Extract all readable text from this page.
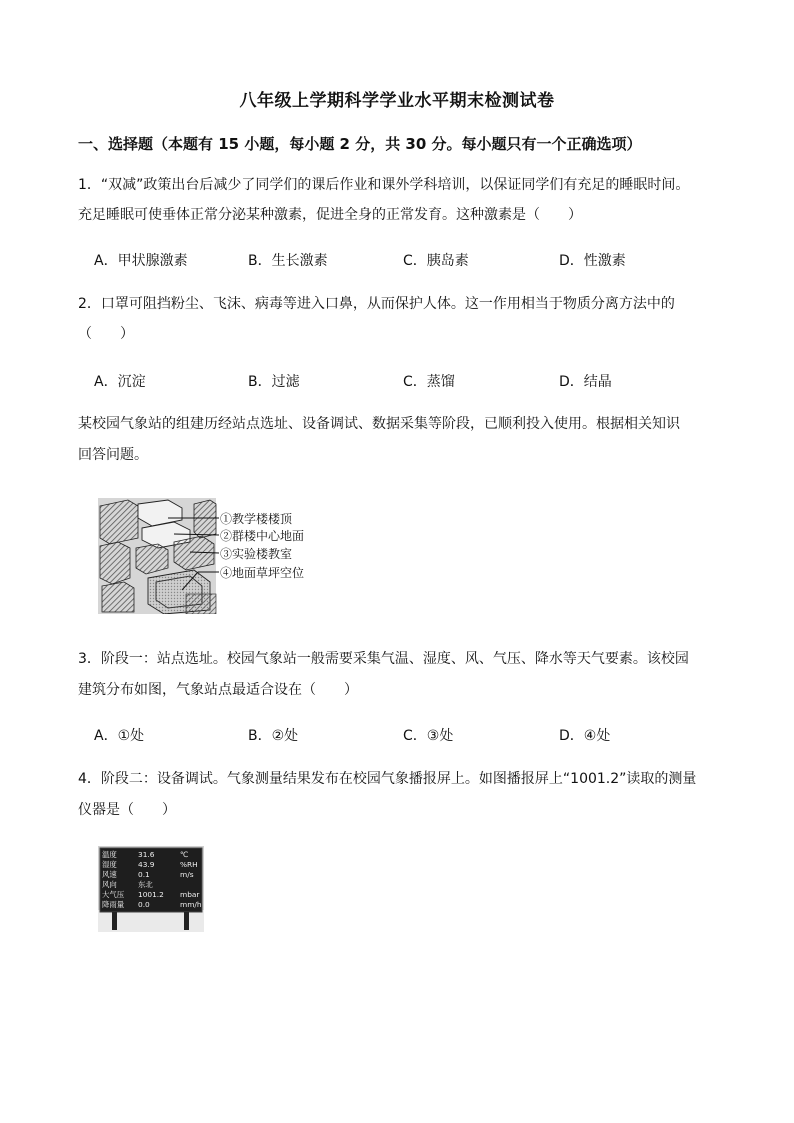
八年级上学期科学学业水平期末检测试卷
一、选择题（本题有 15 小题，每小题 2 分，共 30 分。每小题只有一个正确选项）
1．“双减”政策出台后减少了同学们的课后作业和课外学科培训，以保证同学们有充足的睡眠时间。
充足睡眠可使垂体正常分泌某种激素，促进全身的正常发育。这种激素是（　　）
A．甲状腺激素	B．生长激素	C．胰岛素	D．性激素
2．口罩可阻挡粉尘、飞沫、病毒等进入口鼻，从而保护人体。这一作用相当于物质分离方法中的
（　　）
A．沉淀	B．过滤	C．蒸馏	D．结晶
某校园气象站的组建历经站点选址、设备调试、数据采集等阶段，已顺利投入使用。根据相关知识
回答问题。
①教学楼楼顶
②群楼中心地面
③实验楼教室
④地面草坪空位
3．阶段一：站点选址。校园气象站一般需要采集气温、湿度、风、气压、降水等天气要素。该校园
建筑分布如图，气象站点最适合设在（　　）
A．①处	B．②处	C．③处	D．④处
4．阶段二：设备调试。气象测量结果发布在校园气象播报屏上。如图播报屏上“1001.2”读取的测量
仪器是（　　）
温度	31.6	℃
湿度	43.9	%RH
风速	0.1	m/s
风向	东北
大气压 1001.2 mbar
降雨量 0.0	mm/h
